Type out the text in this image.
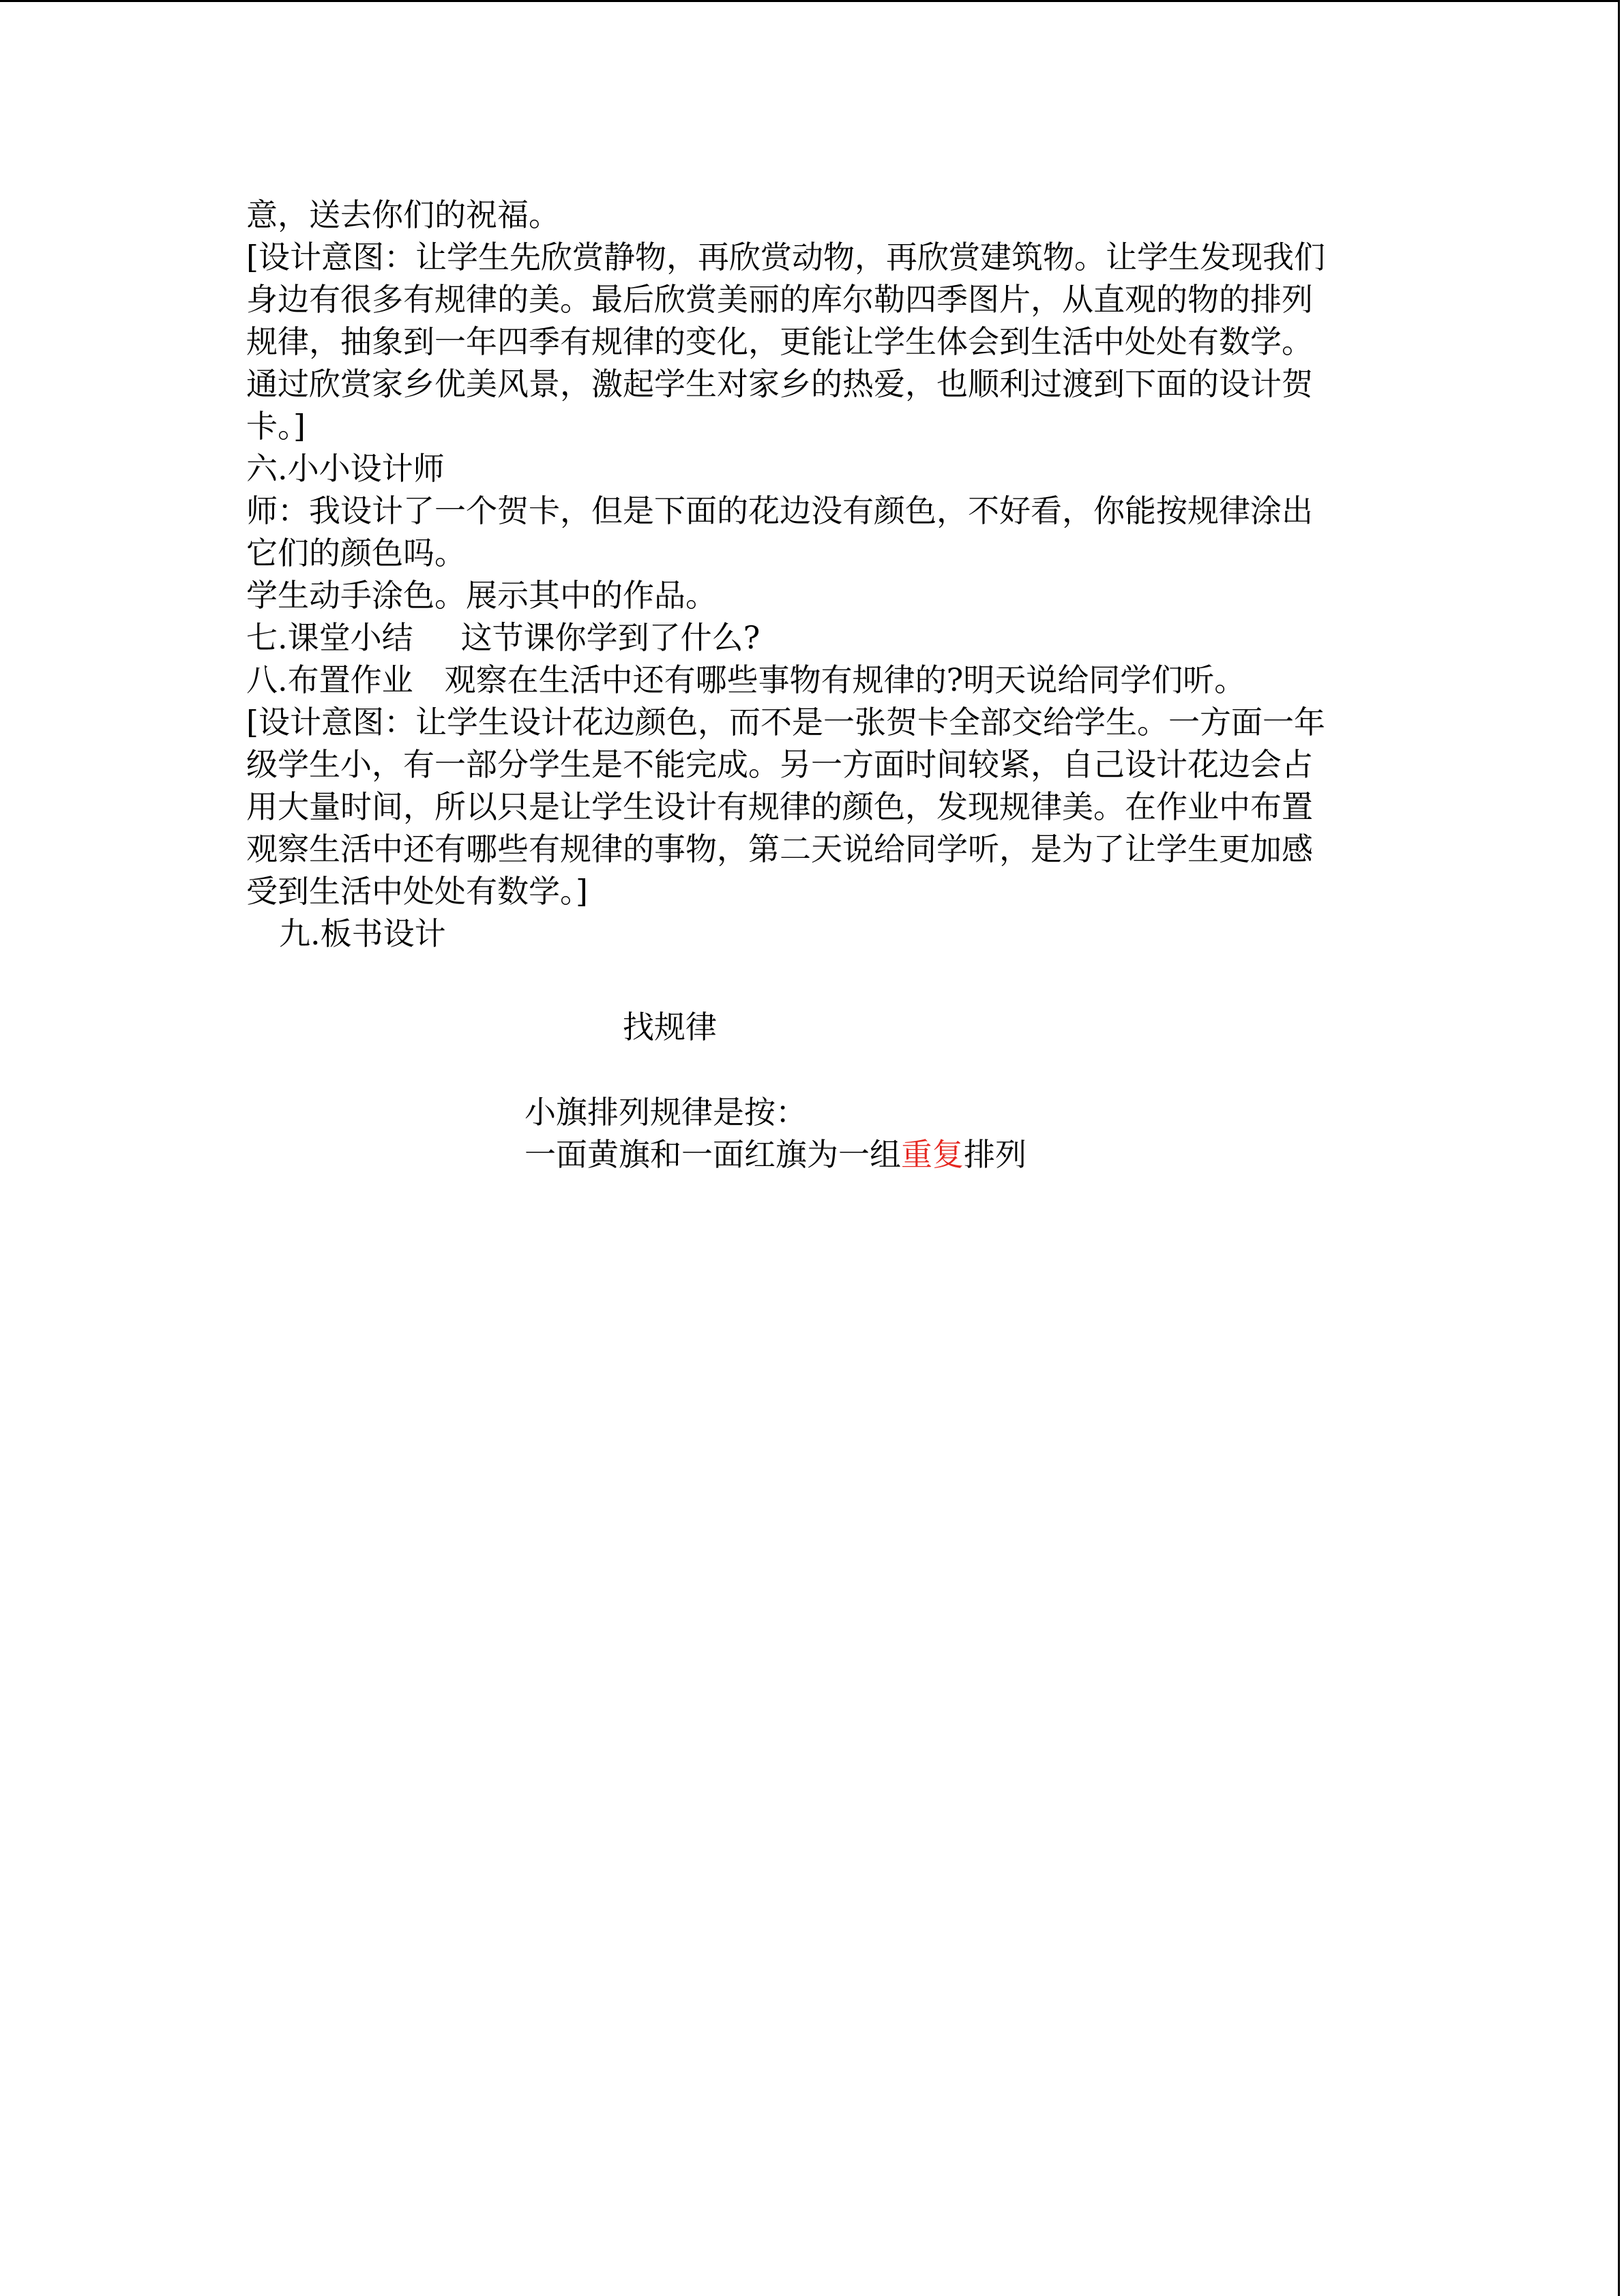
意，送去你们的祝福。
[设计意图：让学生先欣赏静物，再欣赏动物，再欣赏建筑物。让学生发现我们
身边有很多有规律的美。最后欣赏美丽的库尔勒四季图片，从直观的物的排列
规律，抽象到一年四季有规律的变化，更能让学生体会到生活中处处有数学。
通过欣赏家乡优美风景，激起学生对家乡的热爱，也顺利过渡到下面的设计贺
卡。]
六.小小设计师
师：我设计了一个贺卡，但是下面的花边没有颜色，不好看，你能按规律涂出
它们的颜色吗。
学生动手涂色。展示其中的作品。
七.课堂小结 这节课你学到了什么?
八.布置作业 观察在生活中还有哪些事物有规律的?明天说给同学们听。
[设计意图：让学生设计花边颜色，而不是一张贺卡全部交给学生。一方面一年
级学生小，有一部分学生是不能完成。另一方面时间较紧，自己设计花边会占
用大量时间，所以只是让学生设计有规律的颜色，发现规律美。在作业中布置
观察生活中还有哪些有规律的事物，第二天说给同学听，是为了让学生更加感
受到生活中处处有数学。]
九.板书设计
找规律
小旗排列规律是按：
一面黄旗和一面红旗为一组重复排列
